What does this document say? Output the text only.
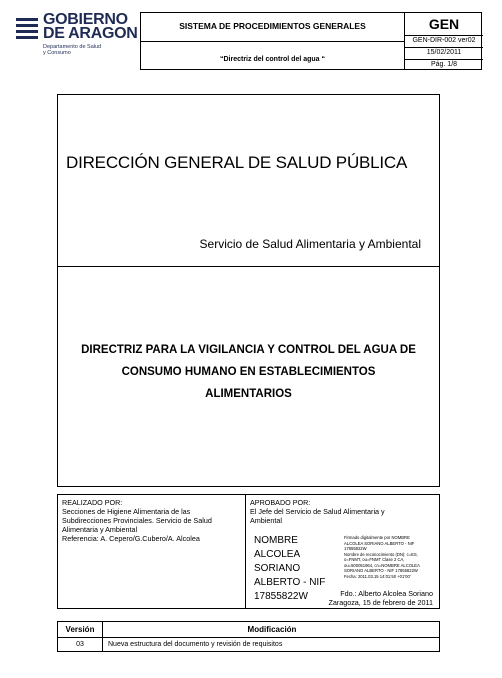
GOBIERNO
DE ARAGON
Departamento de Salud
y Consumo
SISTEMA DE PROCEDIMIENTOS GENERALES
“Directriz del control del agua “
GEN
GEN-DIR-002 ver02
15/02/2011
Pág. 1/8
DIRECCIÓN GENERAL DE SALUD PÚBLICA
Servicio de Salud Alimentaria y Ambiental
DIRECTRIZ PARA LA VIGILANCIA Y CONTROL DEL AGUA DE
CONSUMO HUMANO EN ESTABLECIMIENTOS
ALIMENTARIOS
REALIZADO POR:
Secciones de Higiene Alimentaria de las
Subdirecciones Provinciales. Servicio de Salud
Alimentaria y Ambiental
Referencia: A. Cepero/G.Cubero/A. Alcolea
APROBADO POR:
El Jefe del Servicio de Salud Alimentaria y
Ambiental
NOMBRE ALCOLEA
SORIANO
ALBERTO - NIF
17855822W
Firmado digitalmente por NOMBRE
ALCOLEA SORIANO ALBERTO - NIF
17855822W
Nombre de reconocimiento (DN): c=ES,
o=FNMT, ou=FNMT Clase 2 CA,
ou=500051964, cn=NOMBRE ALCOLEA
SORIANO ALBERTO - NIF 17855822W
Fecha: 2011.03.15 14:01:50 +01'00'
Fdo.: Alberto Alcolea Soriano
Zaragoza, 15 de febrero de 2011
Versión	Modificación
03	Nueva estructura del documento y revisión de requisitos
